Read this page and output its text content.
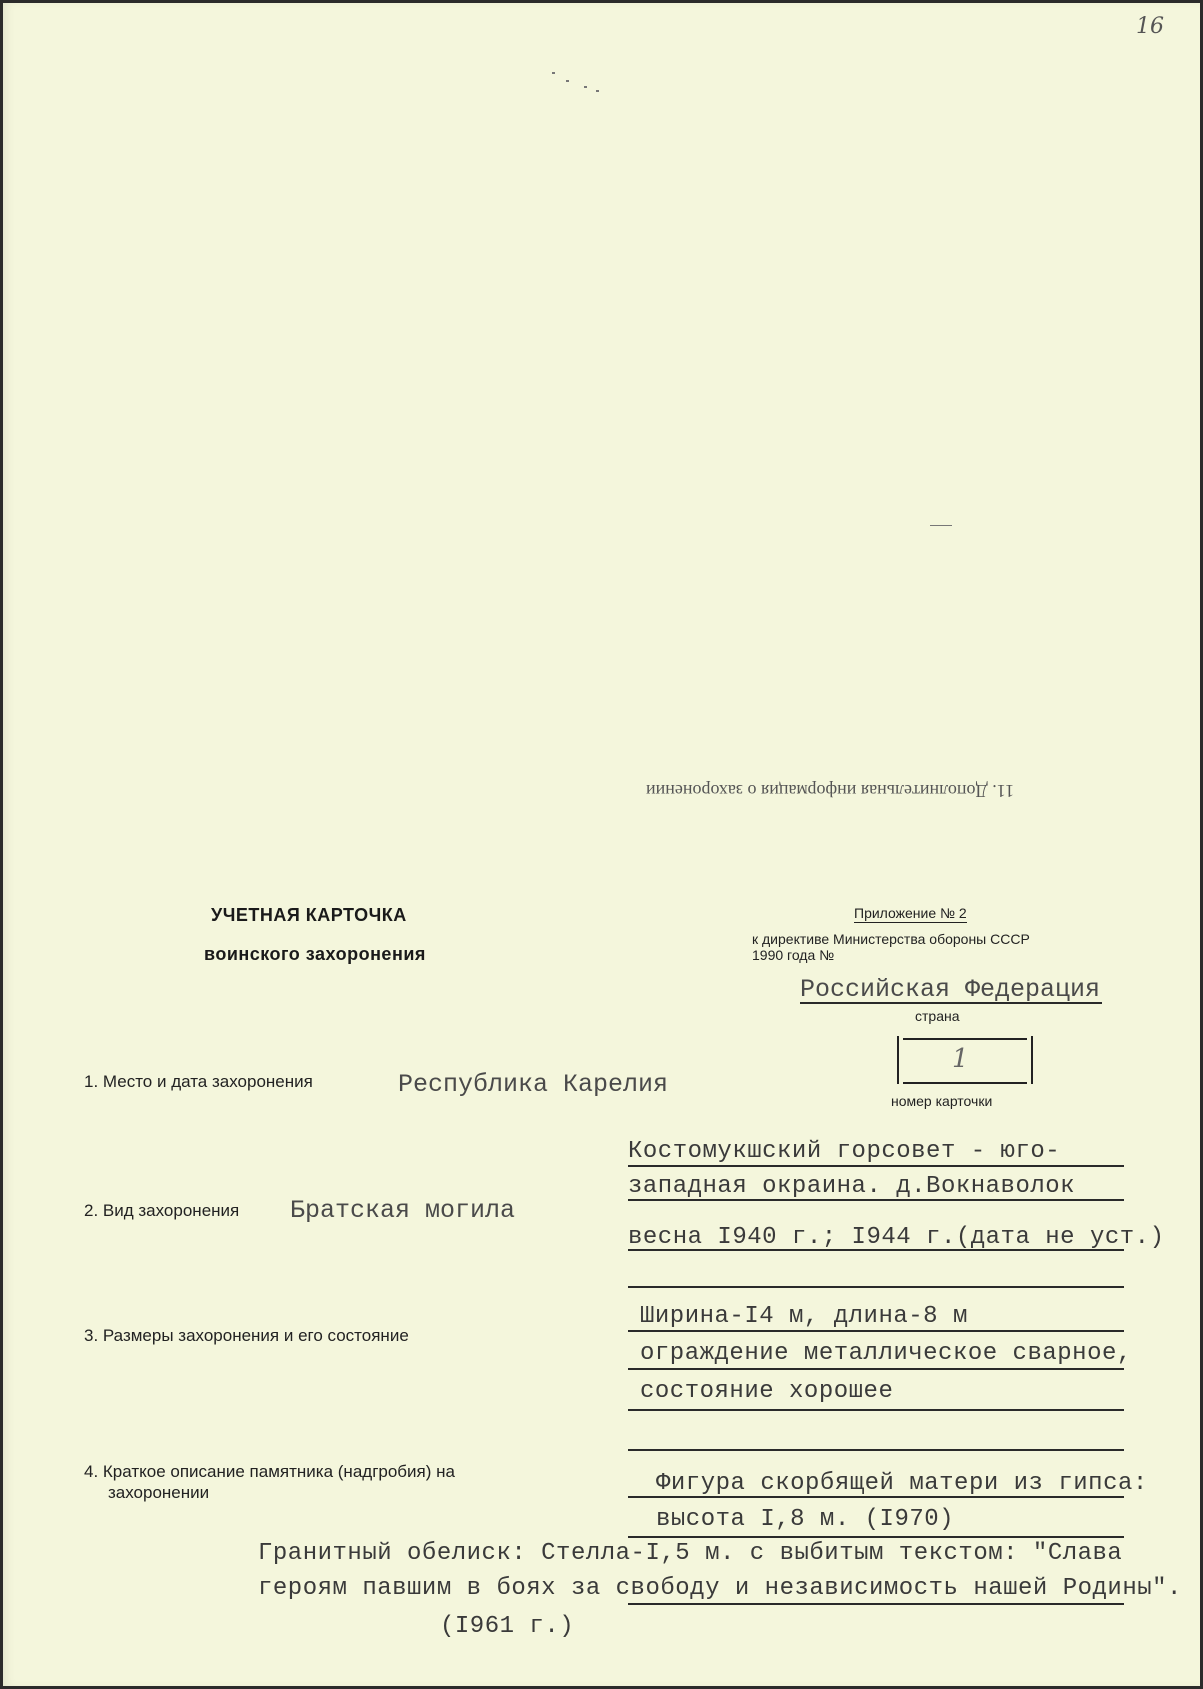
16
11. Дополнительная информация о захоронении
УЧЕТНАЯ КАРТОЧКА
воинского захоронения
Приложение № 2
к директиве Министерства обороны СССР
1990 года №
Российская Федерация
страна
1
номер карточки
1. Место и дата захоронения	Республика Карелия
Костомукшский горсовет - юго-
западная окраина. д.Вокнаволок
весна I940 г.; I944 г.(дата не уст.)
2. Вид захоронения Братская могила
3. Размеры захоронения и его состояние
Ширина-I4 м, длина-8 м
ограждение металлическое сварное,
состояние хорошее
4. Краткое описание памятника (надгробия) на
захоронении	Фигура скорбящей матери из гипса:
высота I,8 м. (I970)
Гранитный обелиск: Стелла-I,5 м. с выбитым текстом: "Слава
героям павшим в боях за свободу и независимость нашей Родины".
(I961 г.)
